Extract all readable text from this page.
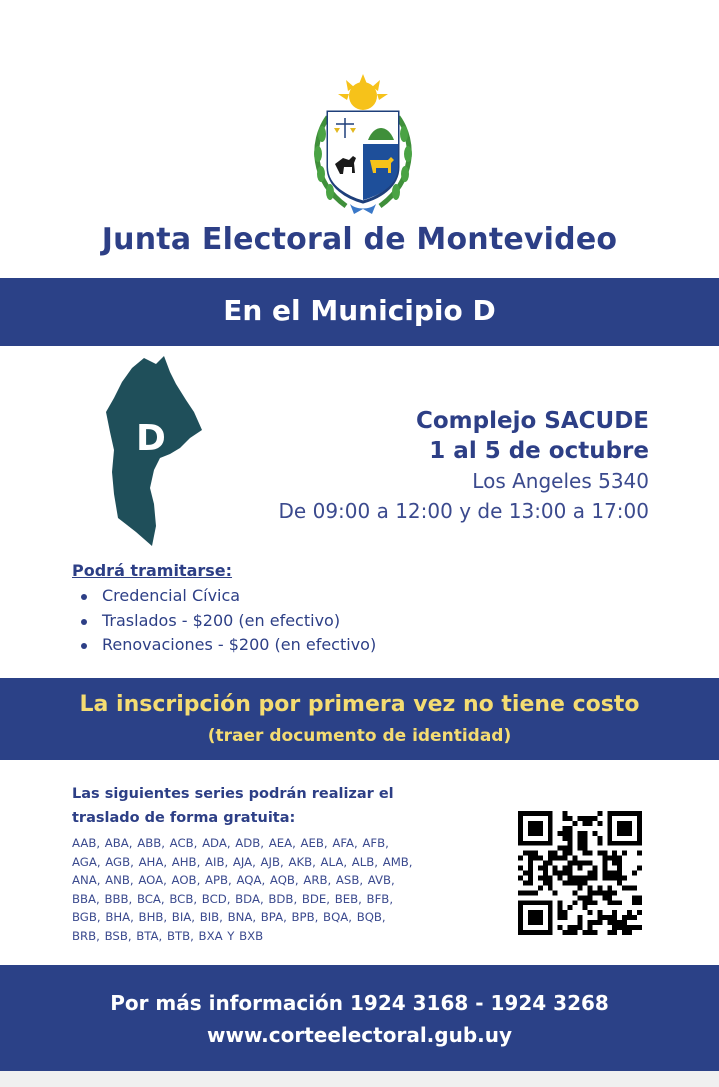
Junta Electoral de Montevideo
En el Municipio D
D	Complejo SACUDE
1 al 5 de octubre
Los Angeles 5340
De 09:00 a 12:00 y de 13:00 a 17:00
Podrá tramitarse:
Credencial Cívica
Traslados - $200 (en efectivo)
Renovaciones - $200 (en efectivo)
La inscripción por primera vez no tiene costo
(traer documento de identidad)
Las siguientes series podrán realizar el traslado de forma gratuita:
AAB, ABA, ABB, ACB, ADA, ADB, AEA, AEB, AFA, AFB, AGA, AGB, AHA, AHB, AIB, AJA, AJB, AKB, ALA, ALB, AMB, ANA, ANB, AOA, AOB, APB, AQA, AQB, ARB, ASB, AVB, BBA, BBB, BCA, BCB, BCD, BDA, BDB, BDE, BEB, BFB, BGB, BHA, BHB, BIA, BIB, BNA, BPA, BPB, BQA, BQB, BRB, BSB, BTA, BTB, BXA Y BXB
Por más información 1924 3168 - 1924 3268
www.corteelectoral.gub.uy
